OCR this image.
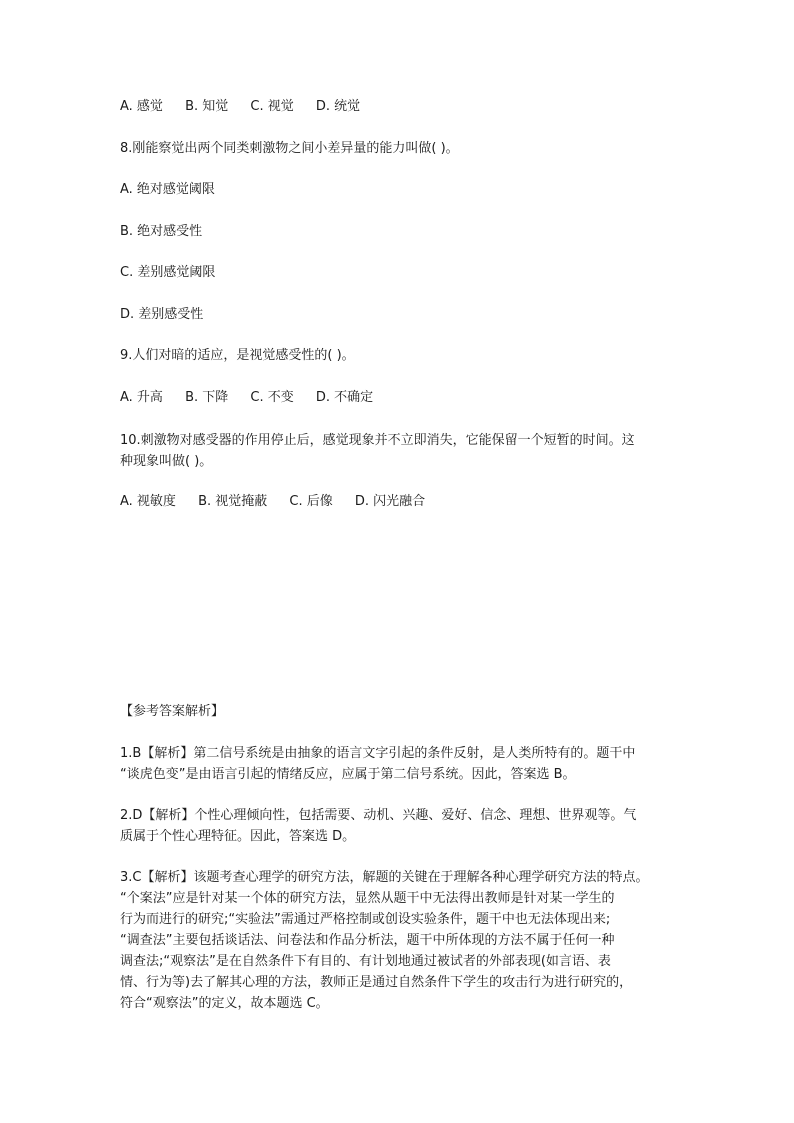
A. 感觉 B. 知觉 C. 视觉 D. 统觉
8.刚能察觉出两个同类刺激物之间小差异量的能力叫做( )。
A. 绝对感觉阈限
B. 绝对感受性
C. 差别感觉阈限
D. 差别感受性
9.人们对暗的适应，是视觉感受性的( )。
A. 升高 B. 下降 C. 不变 D. 不确定
10.刺激物对感受器的作用停止后，感觉现象并不立即消失，它能保留一个短暂的时间。这
种现象叫做( )。
A. 视敏度 B. 视觉掩蔽 C. 后像 D. 闪光融合
【参考答案解析】
1.B【解析】第二信号系统是由抽象的语言文字引起的条件反射，是人类所特有的。题干中
“谈虎色变”是由语言引起的情绪反应，应属于第二信号系统。因此，答案选 B。
2.D【解析】个性心理倾向性，包括需要、动机、兴趣、爱好、信念、理想、世界观等。气
质属于个性心理特征。因此，答案选 D。
3.C【解析】该题考查心理学的研究方法，解题的关键在于理解各种心理学研究方法的特点。
“个案法”应是针对某一个体的研究方法，显然从题干中无法得出教师是针对某一学生的
行为而进行的研究;“实验法”需通过严格控制或创设实验条件，题干中也无法体现出来;
“调查法”主要包括谈话法、问卷法和作品分析法，题干中所体现的方法不属于任何一种
调查法;“观察法”是在自然条件下有目的、有计划地通过被试者的外部表现(如言语、表
情、行为等)去了解其心理的方法，教师正是通过自然条件下学生的攻击行为进行研究的，
符合“观察法”的定义，故本题选 C。
